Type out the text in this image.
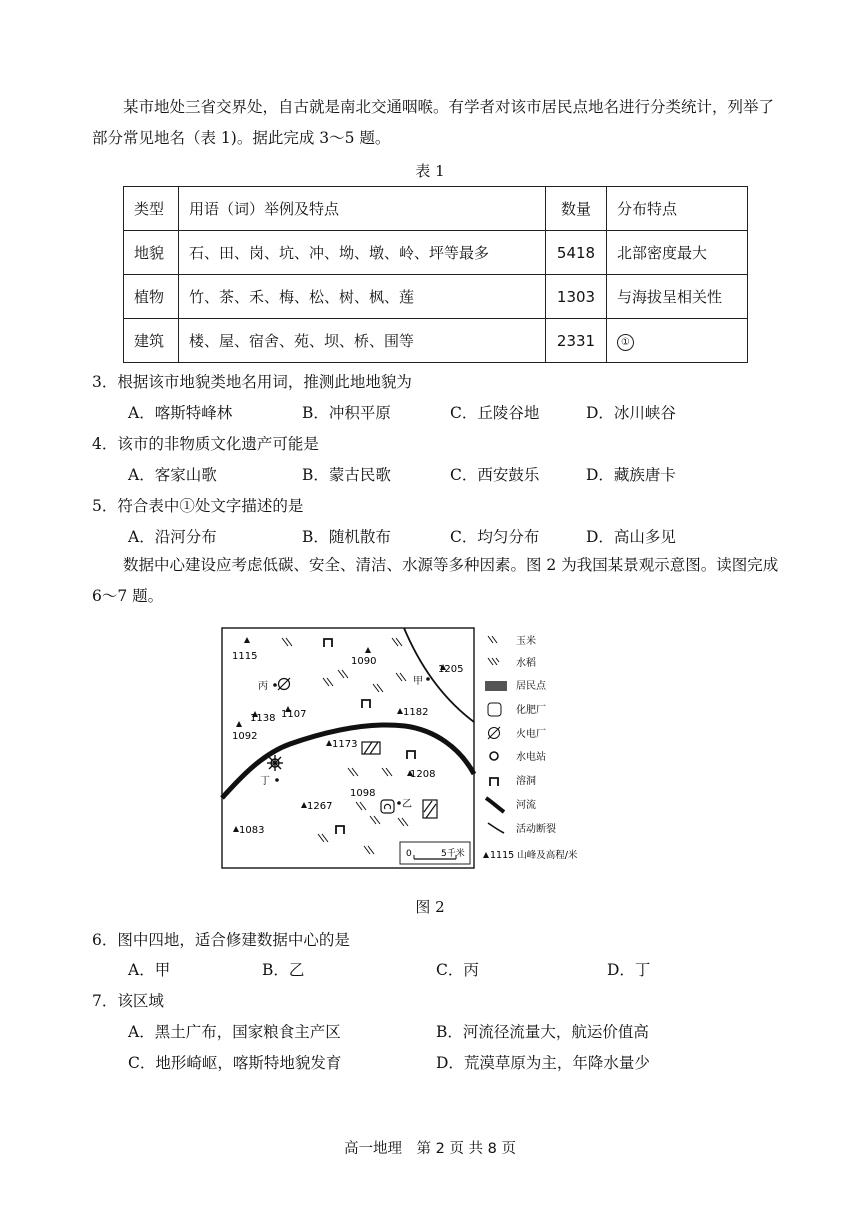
某市地处三省交界处，自古就是南北交通咽喉。有学者对该市居民点地名进行分类统计，列举了部分常见地名（表 1)。据此完成 3～5 题。
表 1
类型	用语（词）举例及特点	数量	分布特点
地貌	石、田、岗、坑、冲、坳、墩、岭、坪等最多	5418	北部密度最大
植物	竹、茶、禾、梅、松、树、枫、莲	1303	与海拔呈相关性
建筑	楼、屋、宿舍、苑、坝、桥、围等	2331	①
3．根据该市地貌类地名用词，推测此地地貌为
A．喀斯特峰林	B．冲积平原	C．丘陵谷地	D．冰川峡谷
4．该市的非物质文化遗产可能是
A．客家山歌	B．蒙古民歌	C．西安鼓乐	D．藏族唐卡
5．符合表中①处文字描述的是
A．沿河分布	B．随机散布	C．均匀分布	D．高山多见
数据中心建设应考虑低碳、安全、清洁、水源等多种因素。图 2 为我国某景观示意图。读图完成 6～7 题。
1115	1090
1205
1138 1107	1182
1092
1173
1208
1098
1267
1083
丙	甲
丁
乙
0	5千米
玉米
水稻
居民点
化肥厂
火电厂
水电站
溶洞
河流
活动断裂
1115 山峰及高程/米
图 2
6．图中四地，适合修建数据中心的是
A．甲	B．乙	C．丙	D．丁
7．该区域
A．黑土广布，国家粮食主产区	B．河流径流量大，航运价值高
C．地形崎岖，喀斯特地貌发育	D．荒漠草原为主，年降水量少
高一地理　第 2 页 共 8 页
